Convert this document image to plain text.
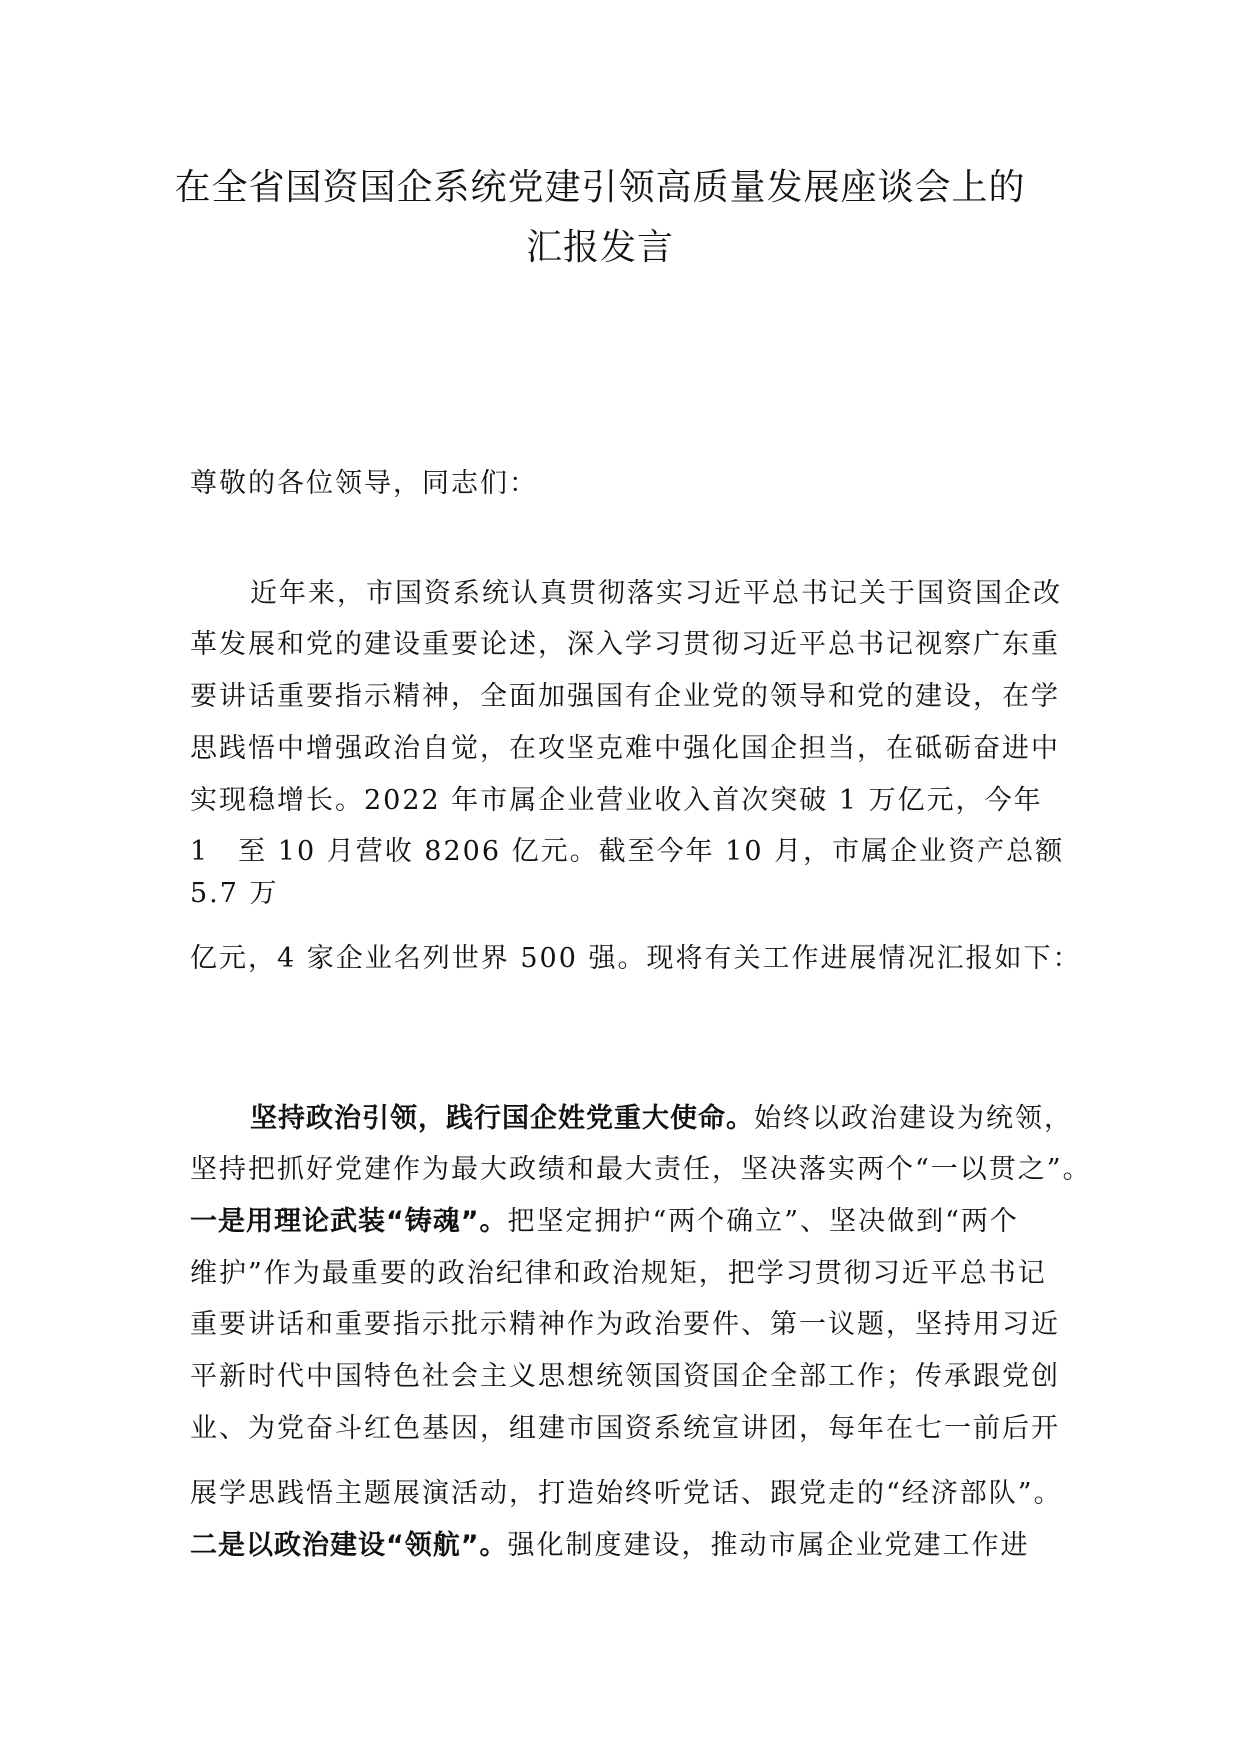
在全省国资国企系统党建引领高质量发展座谈会上的
汇报发言
尊敬的各位领导，同志们：
近年来，市国资系统认真贯彻落实习近平总书记关于国资国企改
革发展和党的建设重要论述，深入学习贯彻习近平总书记视察广东重
要讲话重要指示精神，全面加强国有企业党的领导和党的建设，在学
思践悟中增强政治自觉，在攻坚克难中强化国企担当，在砥砺奋进中
实现稳增长。2022 年市属企业营业收入首次突破 1 万亿元，今年
1　至 10 月营收 8206 亿元。截至今年 10 月，市属企业资产总额
5.7 万
亿元，4 家企业名列世界 500 强。现将有关工作进展情况汇报如下：
坚持政治引领，践行国企姓党重大使命。始终以政治建设为统领，
坚持把抓好党建作为最大政绩和最大责任，坚决落实两个“一以贯之”。
一是用理论武装“铸魂”。把坚定拥护“两个确立”、坚决做到“两个
维护”作为最重要的政治纪律和政治规矩，把学习贯彻习近平总书记
重要讲话和重要指示批示精神作为政治要件、第一议题，坚持用习近
平新时代中国特色社会主义思想统领国资国企全部工作；传承跟党创
业、为党奋斗红色基因，组建市国资系统宣讲团，每年在七一前后开
展学思践悟主题展演活动，打造始终听党话、跟党走的“经济部队”。
二是以政治建设“领航”。强化制度建设，推动市属企业党建工作进
